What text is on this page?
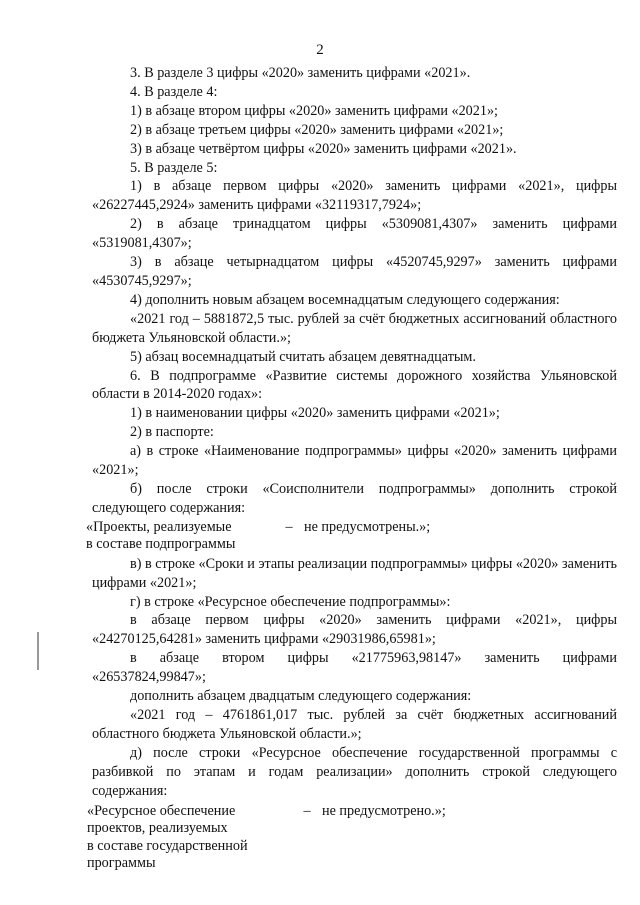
2

3. В разделе 3 цифры «2020» заменить цифрами «2021».

4. В разделе 4:

1) в абзаце втором цифры «2020» заменить цифрами «2021»;

2) в абзаце третьем цифры «2020» заменить цифрами «2021»;

3) в абзаце четвёртом цифры «2020» заменить цифрами «2021».

5. В разделе 5:

1) в абзаце первом цифры «2020» заменить цифрами «2021», цифры «26227445,2924» заменить цифрами «32119317,7924»;

2) в абзаце тринадцатом цифры «5309081,4307» заменить цифрами «5319081,4307»;

3) в абзаце четырнадцатом цифры «4520745,9297» заменить цифрами «4530745,9297»;

4) дополнить новым абзацем восемнадцатым следующего содержания:

«2021 год – 5881872,5 тыс. рублей за счёт бюджетных ассигнований областного бюджета Ульяновской области.»;

5) абзац восемнадцатый считать абзацем девятнадцатым.

6. В подпрограмме «Развитие системы дорожного хозяйства Ульяновской области в 2014-2020 годах»:

1) в наименовании цифры «2020» заменить цифрами «2021»;

2) в паспорте:

а) в строке «Наименование подпрограммы» цифры «2020» заменить цифрами «2021»;

б) после строки «Соисполнители подпрограммы» дополнить строкой следующего содержания:

«Проекты, реализуемые	– не предусмотрены.»;
в составе подпрограммы

в) в строке «Сроки и этапы реализации подпрограммы» цифры «2020» заменить цифрами «2021»;

г) в строке «Ресурсное обеспечение подпрограммы»:

в абзаце первом цифры «2020» заменить цифрами «2021», цифры «24270125,64281» заменить цифрами «29031986,65981»;

в абзаце втором цифры «21775963,98147» заменить цифрами «26537824,99847»;

дополнить абзацем двадцатым следующего содержания:

«2021 год – 4761861,017 тыс. рублей за счёт бюджетных ассигнований областного бюджета Ульяновской области.»;

д) после строки «Ресурсное обеспечение государственной программы с разбивкой по этапам и годам реализации» дополнить строкой следующего содержания:

«Ресурсное обеспечение	– не предусмотрено.»;
проектов, реализуемых
в составе государственной
программы
